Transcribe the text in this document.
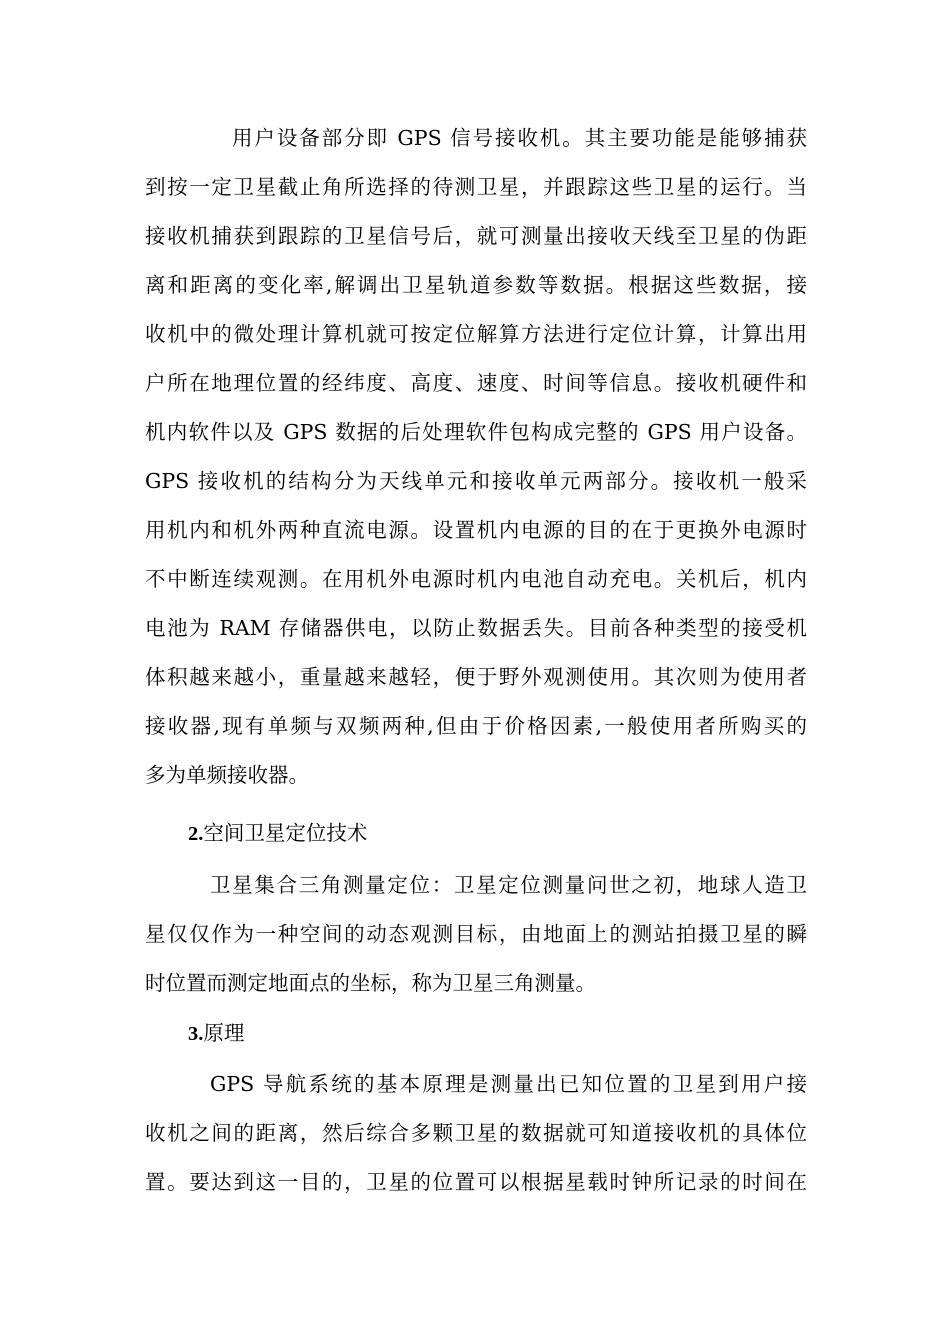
用户设备部分即 GPS 信号接收机。其主要功能是能够捕获
到按一定卫星截止角所选择的待测卫星，并跟踪这些卫星的运行。当
接收机捕获到跟踪的卫星信号后，就可测量出接收天线至卫星的伪距
离和距离的变化率,解调出卫星轨道参数等数据。根据这些数据，接
收机中的微处理计算机就可按定位解算方法进行定位计算，计算出用
户所在地理位置的经纬度、高度、速度、时间等信息。接收机硬件和
机内软件以及 GPS 数据的后处理软件包构成完整的 GPS 用户设备。
GPS 接收机的结构分为天线单元和接收单元两部分。接收机一般采
用机内和机外两种直流电源。设置机内电源的目的在于更换外电源时
不中断连续观测。在用机外电源时机内电池自动充电。关机后，机内
电池为 RAM 存储器供电，以防止数据丢失。目前各种类型的接受机
体积越来越小，重量越来越轻，便于野外观测使用。其次则为使用者
接收器,现有单频与双频两种,但由于价格因素,一般使用者所购买的
多为单频接收器。
2.空间卫星定位技术
卫星集合三角测量定位：卫星定位测量问世之初，地球人造卫
星仅仅作为一种空间的动态观测目标，由地面上的测站拍摄卫星的瞬
时位置而测定地面点的坐标，称为卫星三角测量。
3.原理
GPS 导航系统的基本原理是测量出已知位置的卫星到用户接
收机之间的距离，然后综合多颗卫星的数据就可知道接收机的具体位
置。要达到这一目的，卫星的位置可以根据星载时钟所记录的时间在
